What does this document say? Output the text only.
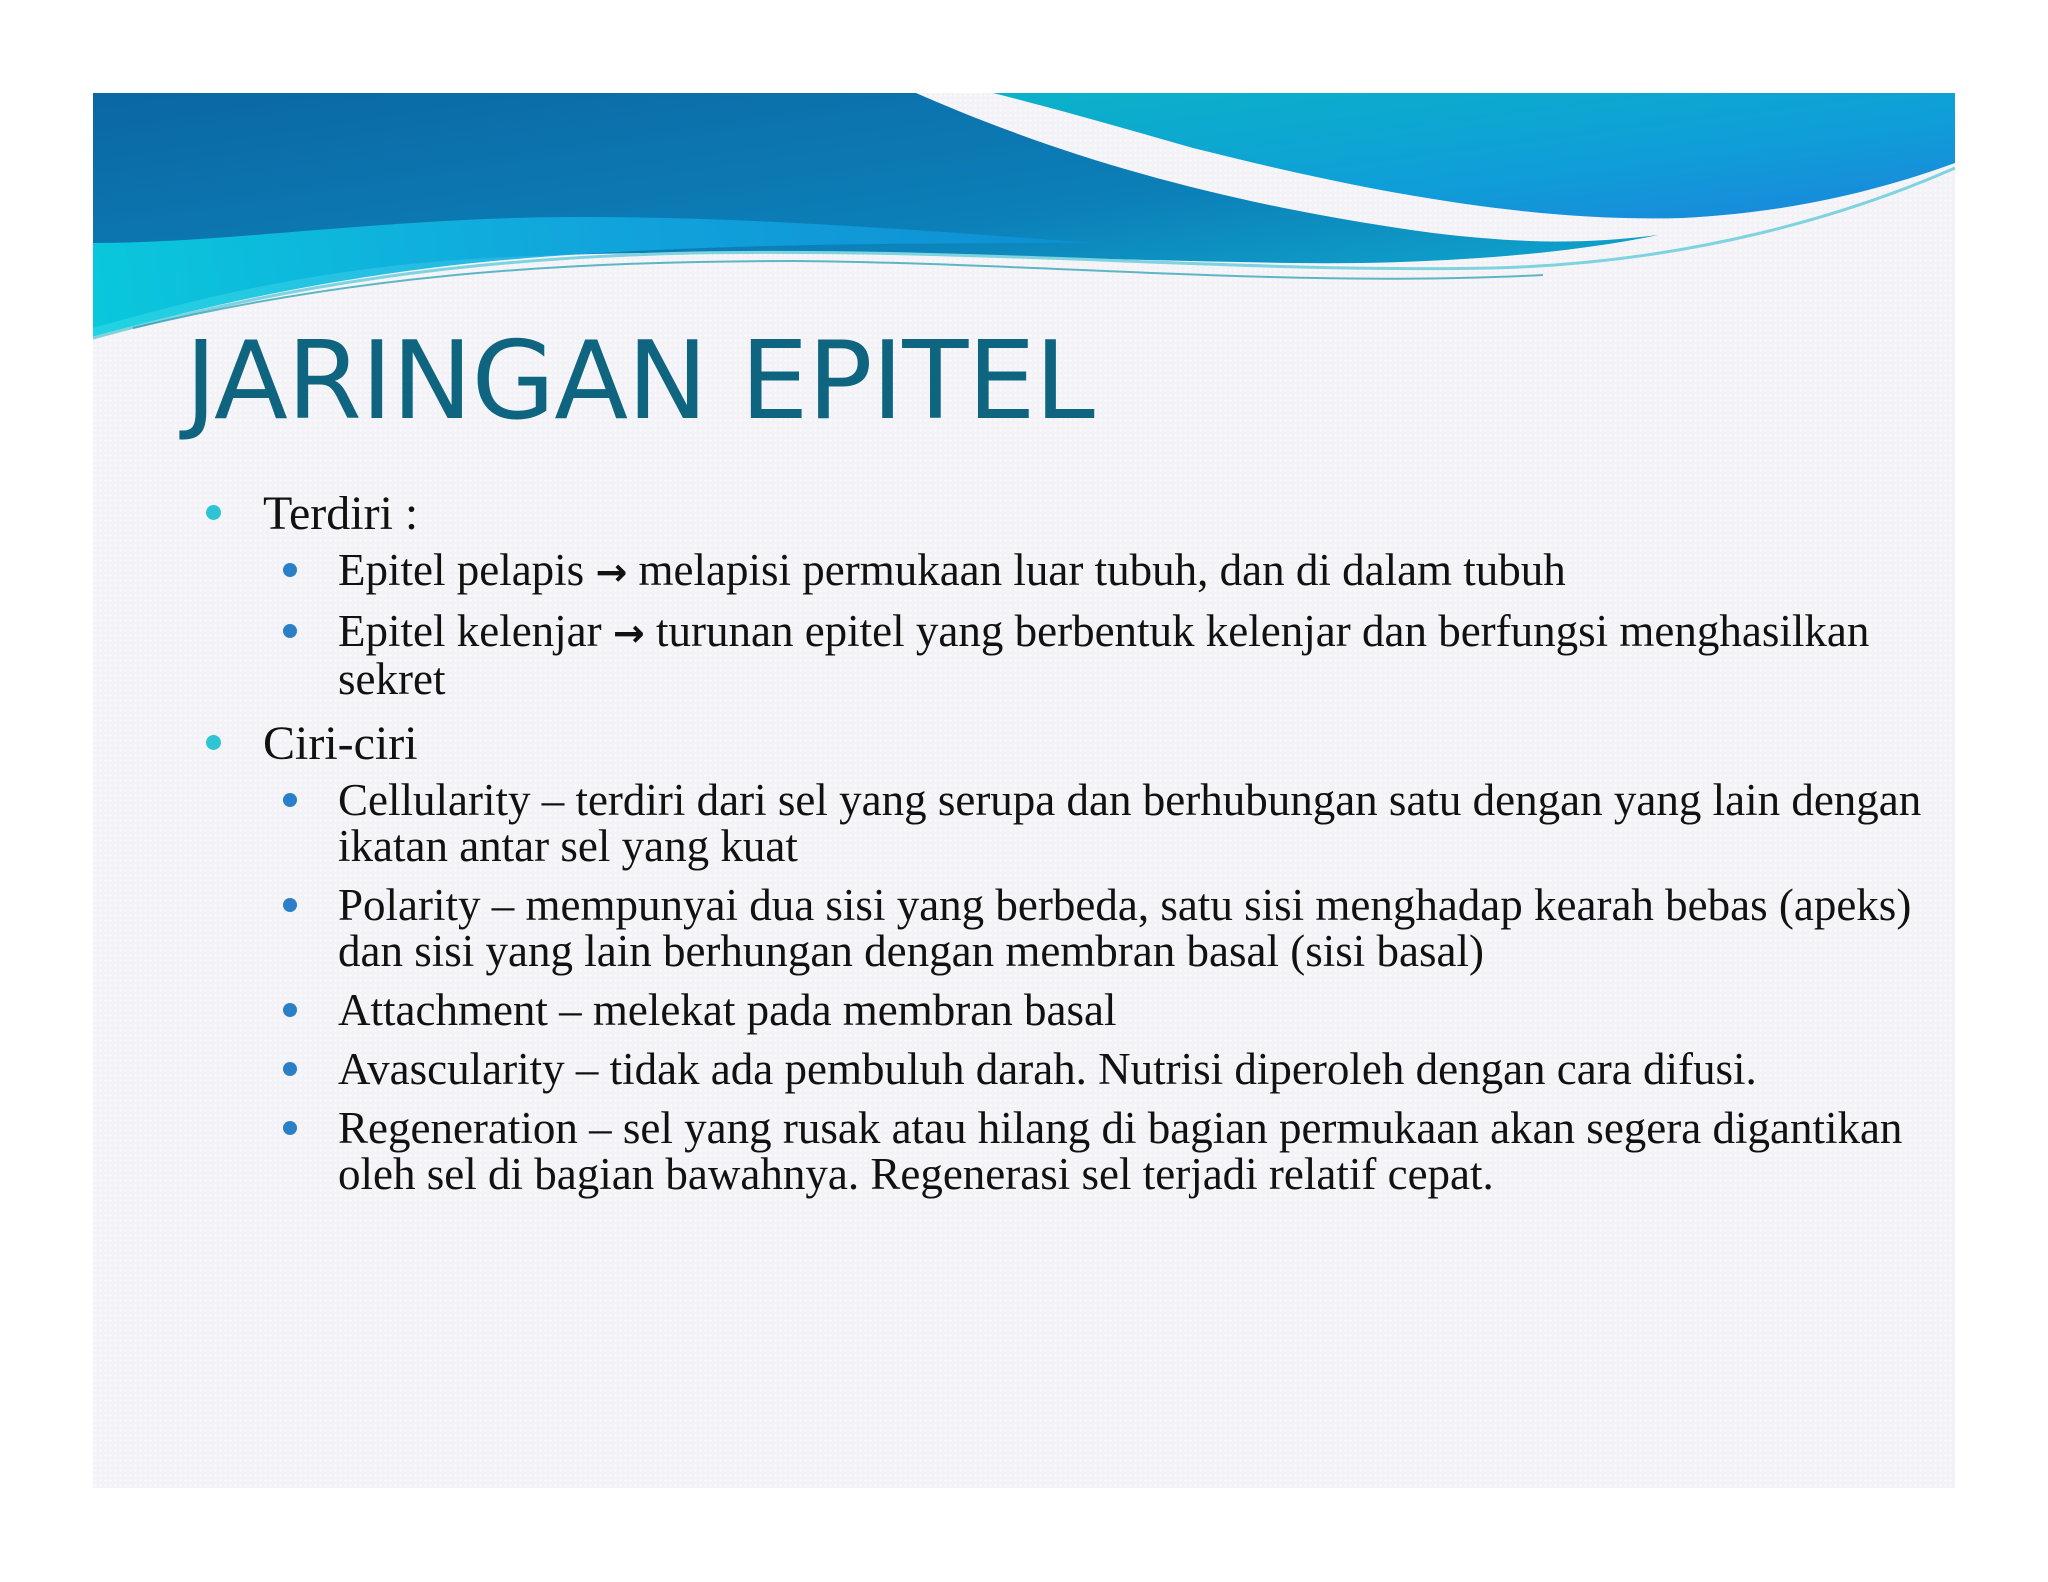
JARINGAN EPITEL
Terdiri :
Epitel pelapis → melapisi permukaan luar tubuh, dan di dalam tubuh
Epitel kelenjar → turunan epitel yang berbentuk kelenjar dan berfungsi menghasilkan sekret
Ciri-ciri
Cellularity – terdiri dari sel yang serupa dan berhubungan satu dengan yang lain dengan ikatan antar sel yang kuat
Polarity – mempunyai dua sisi yang berbeda, satu sisi menghadap kearah bebas (apeks) dan sisi yang lain berhungan dengan membran basal (sisi basal)
Attachment – melekat pada membran basal
Avascularity – tidak ada pembuluh darah. Nutrisi diperoleh dengan cara difusi.
Regeneration – sel yang rusak atau hilang di bagian permukaan akan segera digantikan oleh sel di bagian bawahnya. Regenerasi sel terjadi relatif cepat.
